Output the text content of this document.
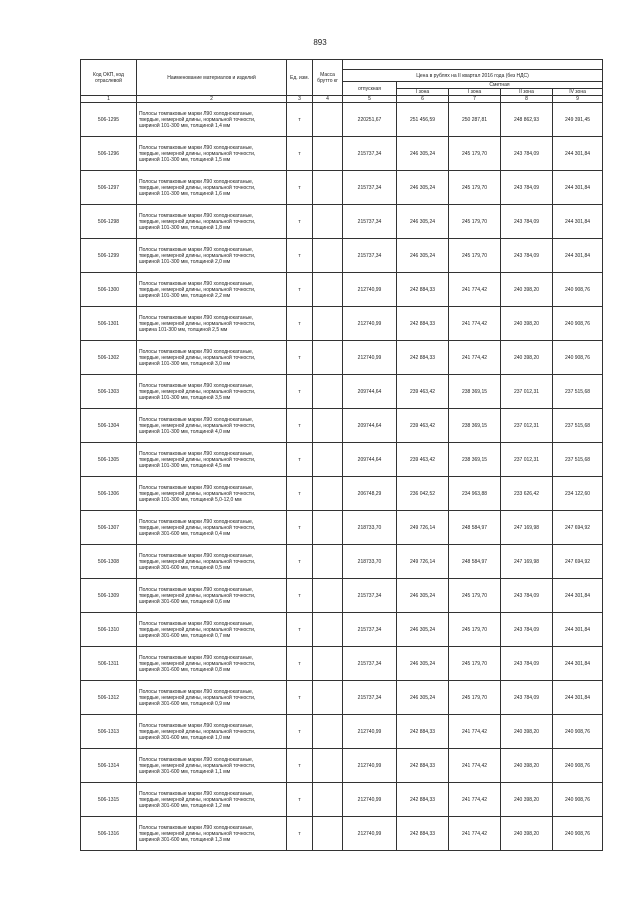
893
Код ОКП, код отраслевой	Наименование материалов и изделий	Ед. изм.	Масса брутто кг					
				Цена в рублях на II квартал 2016 года (без НДС)				
				отпускная	Сметная			
					I зона	I зона	II зона	IV зона
1	2	3	4	5	6	7	8	9
506-1295	Полосы томпаковые марки Л90 холоднокатаные,
твердые, немерной длины, нормальной точности,
шириной 101-300 мм, толщиной 1,4 мм	т		220251,67	251 456,59	250 287,81	248 862,93	249 391,45
506-1296	Полосы томпаковые марки Л90 холоднокатаные,
твердые, немерной длины, нормальной точности,
шириной 101-300 мм, толщиной 1,5 мм	т		215737,34	246 305,24	245 179,70	243 784,09	244 301,84
506-1297	Полосы томпаковые марки Л90 холоднокатаные,
твердые, немерной длины, нормальной точности,
шириной 101-300 мм, толщиной 1,6 мм	т		215737,34	246 305,24	245 179,70	243 784,09	244 301,84
506-1298	Полосы томпаковые марки Л90 холоднокатаные,
твердые, немерной длины, нормальной точности,
шириной 101-300 мм, толщиной 1,8 мм	т		215737,34	246 305,24	245 179,70	243 784,09	244 301,84
506-1299	Полосы томпаковые марки Л90 холоднокатаные,
твердые, немерной длины, нормальной точности,
шириной 101-300 мм, толщиной 2,0 мм	т		215737,34	246 305,24	245 179,70	243 784,09	244 301,84
506-1300	Полосы томпаковые марки Л90 холоднокатаные,
твердые, немерной длины, нормальной точности,
шириной 101-300 мм, толщиной 2,2 мм	т		212740,99	242 884,33	241 774,42	240 398,20	240 908,76
506-1301	Полосы томпаковые марки Л90 холоднокатаные,
твердые, немерной длины, нормальной точности,
ширина 101-300 мм, толщиной 2,5 мм	т		212740,99	242 884,33	241 774,42	240 398,20	240 908,76
506-1302	Полосы томпаковые марки Л90 холоднокатаные,
твердые, немерной длины, нормальной точности,
шириной 101-300 мм, толщиной 3,0 мм	т		212740,99	242 884,33	241 774,42	240 398,20	240 908,76
506-1303	Полосы томпаковые марки Л90 холоднокатаные,
твердые, немерной длины, нормальной точности,
шириной 101-300 мм, толщиной 3,5 мм	т		209744,64	239 463,42	238 369,15	237 012,31	237 515,68
506-1304	Полосы томпаковые марки Л90 холоднокатаные,
твердые, немерной длины, нормальной точности,
шириной 101-300 мм, толщиной 4,0 мм	т		209744,64	239 463,42	238 369,15	237 012,31	237 515,68
506-1305	Полосы томпаковые марки Л90 холоднокатаные,
твердые, немерной длины, нормальной точности,
шириной 101-300 мм, толщиной 4,5 мм	т		209744,64	239 463,42	238 369,15	237 012,31	237 515,68
506-1306	Полосы томпаковые марки Л90 холоднокатаные,
твердые, немерной длины, нормальной точности,
шириной 101-300 мм, толщиной 5,0-12,0 мм	т		206748,29	236 042,52	234 963,88	233 626,42	234 122,60
506-1307	Полосы томпаковые марки Л90 холоднокатаные,
твердые, немерной длины, нормальной точности,
шириной 301-600 мм, толщиной 0,4 мм	т		218733,70	249 726,14	248 584,97	247 169,98	247 694,92
506-1308	Полосы томпаковые марки Л90 холоднокатаные,
твердые, немерной длины, нормальной точности,
шириной 301-600 мм, толщиной 0,5 мм	т		218733,70	249 726,14	248 584,97	247 169,98	247 694,92
506-1309	Полосы томпаковые марки Л90 холоднокатаные,
твердые, немерной длины, нормальной точности,
шириной 301-600 мм, толщиной 0,6 мм	т		215737,34	246 305,24	245 179,70	243 784,09	244 301,84
506-1310	Полосы томпаковые марки Л90 холоднокатаные,
твердые, немерной длины, нормальной точности,
шириной 301-600 мм, толщиной 0,7 мм	т		215737,34	246 305,24	245 179,70	243 784,09	244 301,84
506-1311	Полосы томпаковые марки Л90 холоднокатаные,
твердые, немерной длины, нормальной точности,
шириной 301-600 мм, толщиной 0,8 мм	т		215737,34	246 305,24	245 179,70	243 784,09	244 301,84
506-1312	Полосы томпаковые марки Л90 холоднокатаные,
твердые, немерной длины, нормальной точности,
шириной 301-600 мм, толщиной 0,9 мм	т		215737,34	246 305,24	245 179,70	243 784,09	244 301,84
506-1313	Полосы томпаковые марки Л90 холоднокатаные,
твердые, немерной длины, нормальной точности,
шириной 301-600 мм, толщиной 1,0 мм	т		212740,99	242 884,33	241 774,42	240 398,20	240 908,76
506-1314	Полосы томпаковые марки Л90 холоднокатаные,
твердые, немерной длины, нормальной точности,
шириной 301-600 мм, толщиной 1,1 мм	т		212740,99	242 884,33	241 774,42	240 398,20	240 908,76
506-1315	Полосы томпаковые марки Л90 холоднокатаные,
твердые, немерной длины, нормальной точности,
шириной 301-600 мм, толщиной 1,2 мм	т		212740,99	242 884,33	241 774,42	240 398,20	240 908,76
506-1316	Полосы томпаковые марки Л90 холоднокатаные,
твердые, немерной длины, нормальной точности,
шириной 301-600 мм, толщиной 1,3 мм	т		212740,99	242 884,33	241 774,42	240 398,20	240 908,76
